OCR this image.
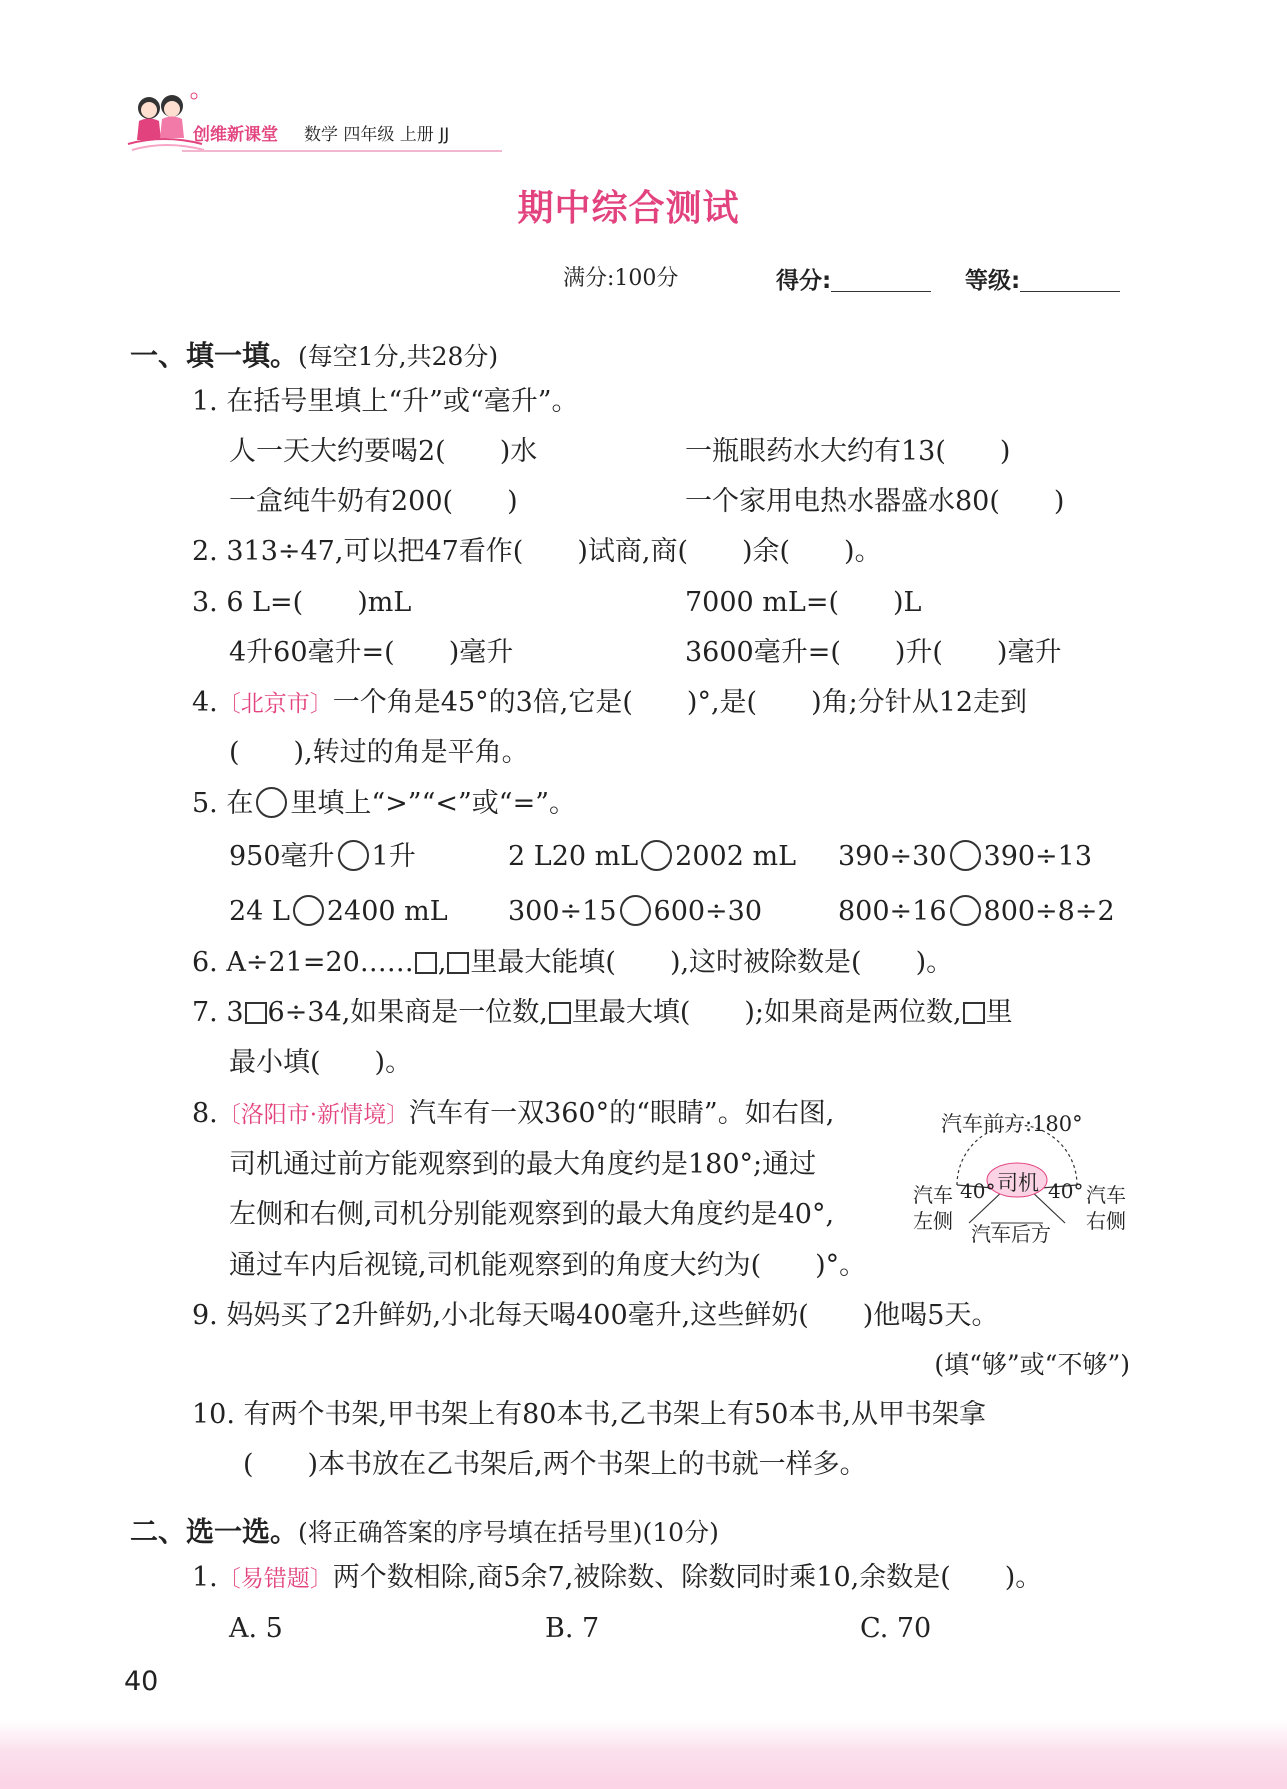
创维新课堂 数学 四年级 上册 JJ
期中综合测试
满分:100分	得分:	等级:
一、填一填。(每空1分,共28分)
1. 在括号里填上“升”或“毫升”。
人一天大约要喝2(　　)水	一瓶眼药水大约有13(　　)
一盒纯牛奶有200(　　)	一个家用电热水器盛水80(　　)
2. 313÷47,可以把47看作(　　)试商,商(　　)余(　　)。
3. 6 L=(　　)mL	7000 mL=(　　)L
4升60毫升=(　　)毫升	3600毫升=(　　)升(　　)毫升
4.〔北京市〕一个角是45°的3倍,它是(　　)°,是(　　)角;分针从12走到
(　　),转过的角是平角。
5. 在 里填上“>”“<”或“=”。
950毫升 1升	2 L20 mL 2002 mL 390÷30 390÷13
24 L 2400 mL 300÷15 600÷30	800÷16 800÷8÷2
6. A÷21=20…… , 里最大能填(　　),这时被除数是(　　)。
7. 3 6÷34,如果商是一位数, 里最大填(　　);如果商是两位数, 里
最小填(　　)。
8.〔洛阳市·新情境〕汽车有一双360°的“眼睛”。如右图,
司机通过前方能观察到的最大角度约是180°;通过
左侧和右侧,司机分别能观察到的最大角度约是40°,
通过车内后视镜,司机能观察到的角度大约为(　　)°。
汽车前方:180°
司机
汽车 40°
左侧
40° 汽车
右侧
汽车后方
9. 妈妈买了2升鲜奶,小北每天喝400毫升,这些鲜奶(　　)他喝5天。
(填“够”或“不够”)
10. 有两个书架,甲书架上有80本书,乙书架上有50本书,从甲书架拿
(　　)本书放在乙书架后,两个书架上的书就一样多。
二、选一选。(将正确答案的序号填在括号里)(10分)
1.〔易错题〕两个数相除,商5余7,被除数、除数同时乘10,余数是(　　)。
A. 5	B. 7	C. 70
40
